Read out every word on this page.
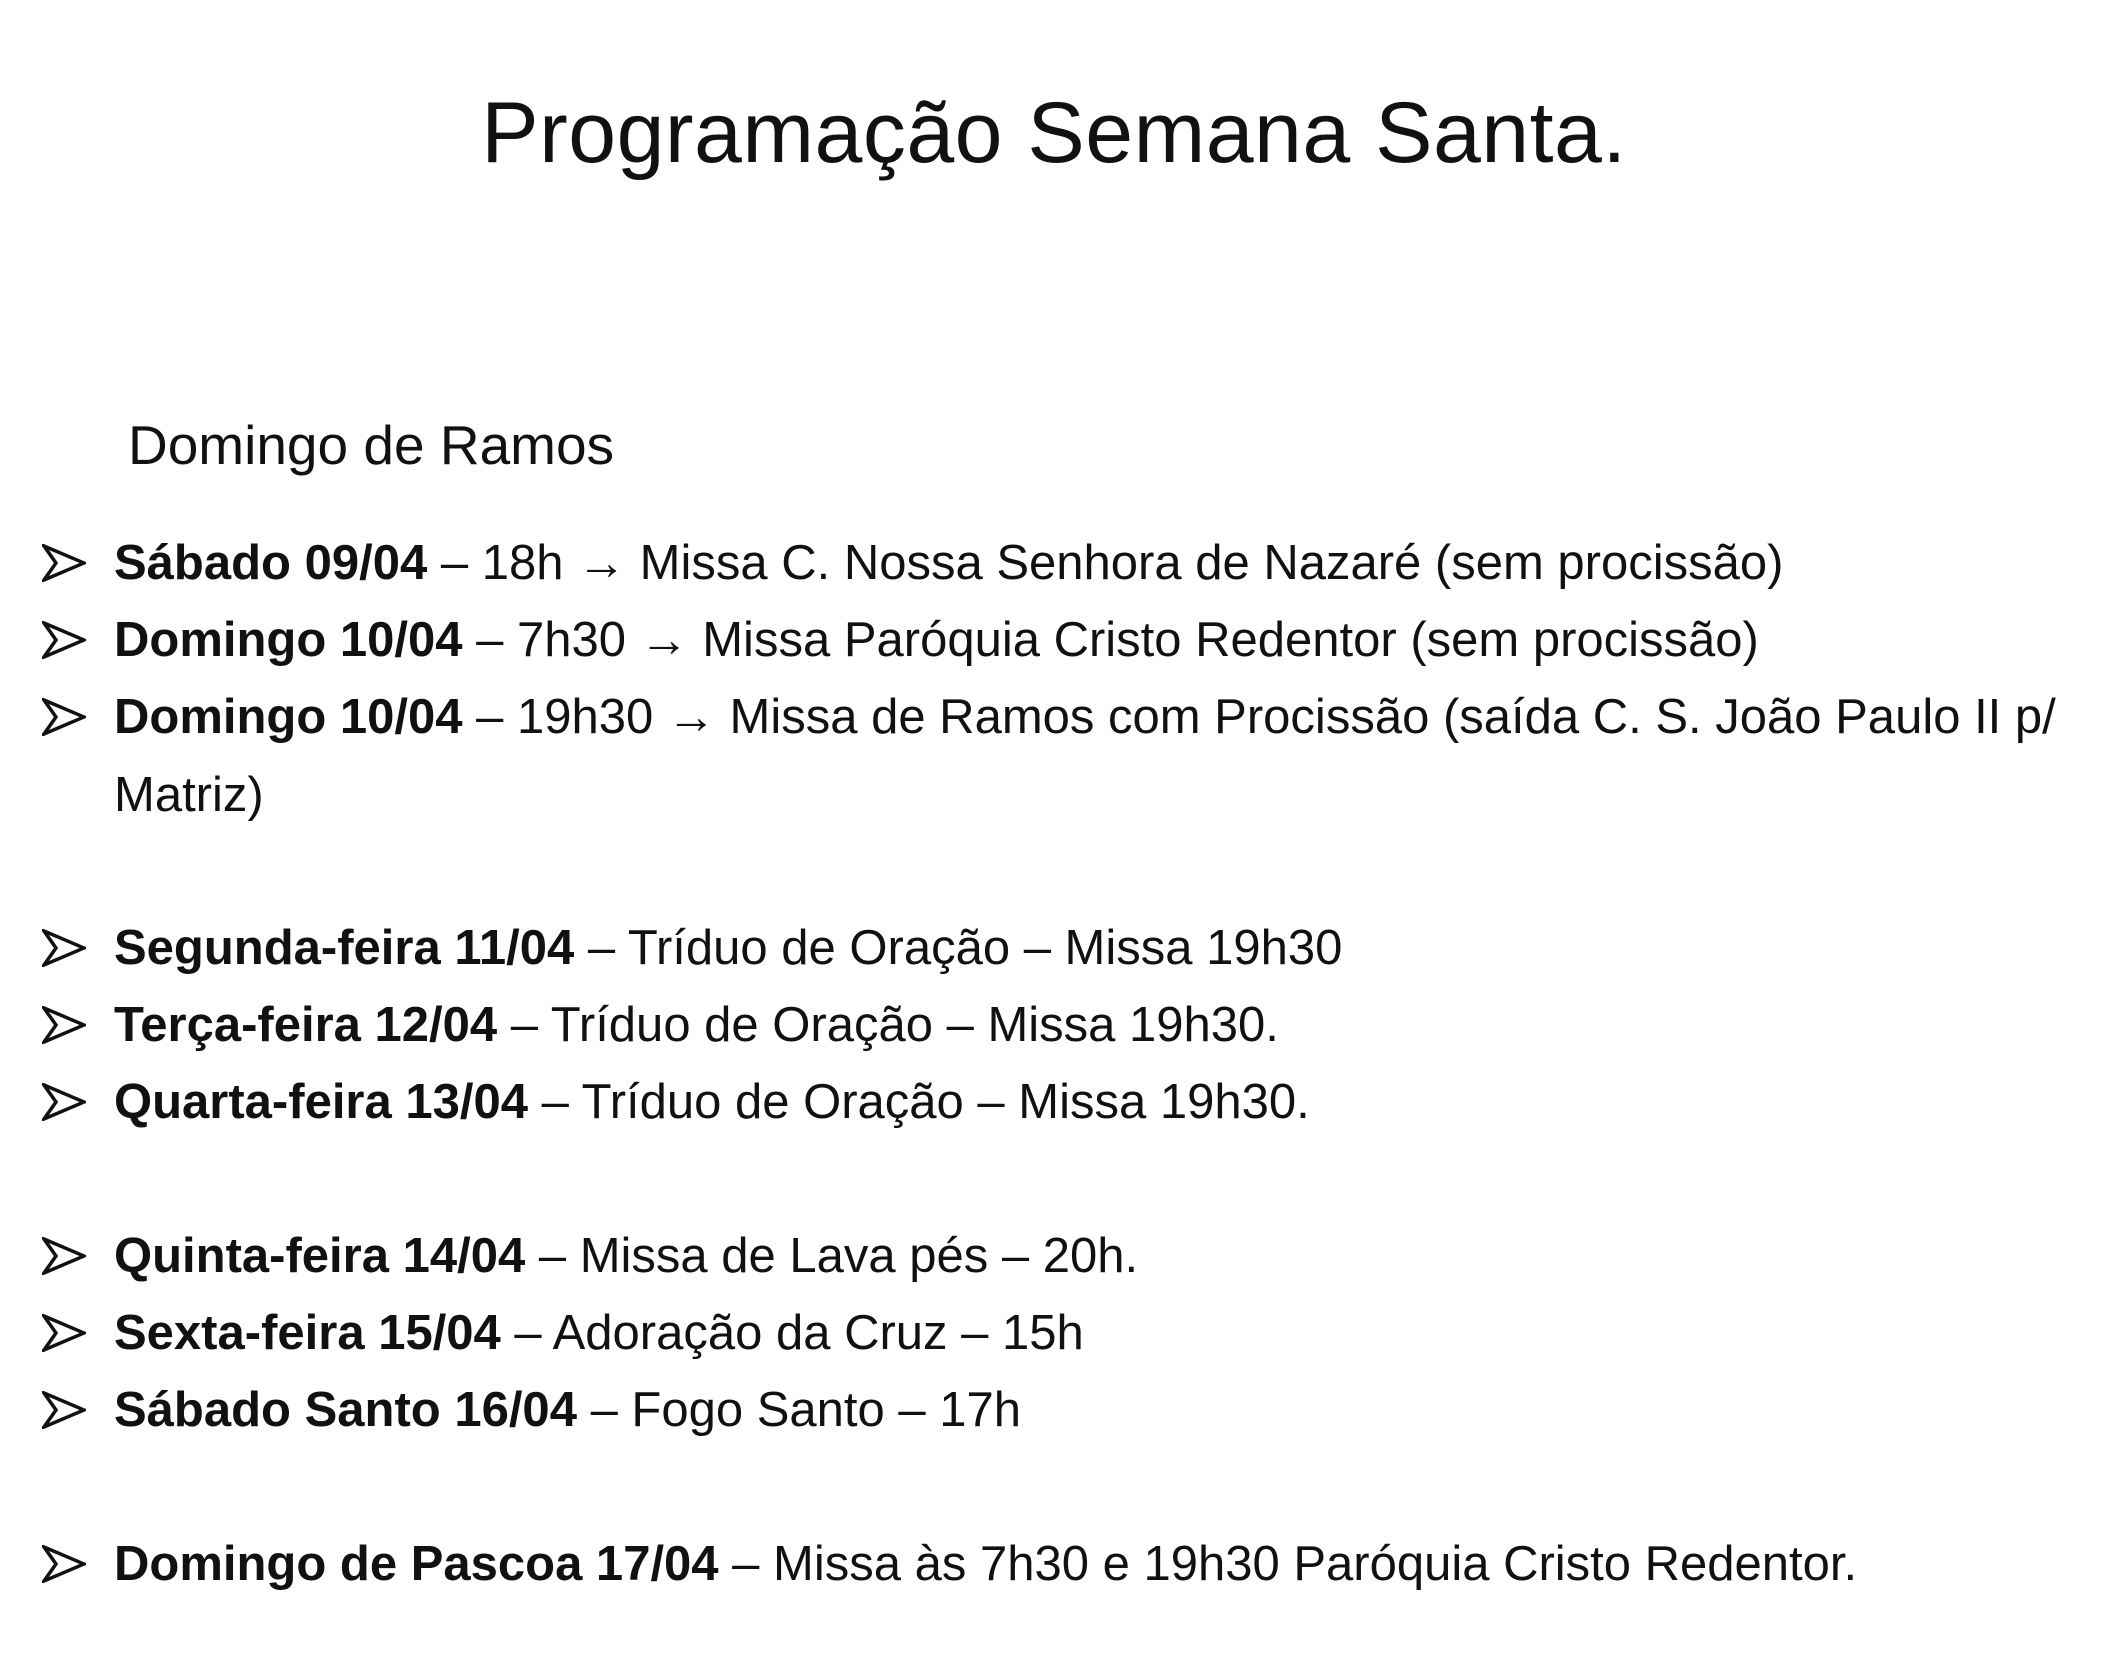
Programação Semana Santa.
Domingo de Ramos
Sábado 09/04 – 18h → Missa C. Nossa Senhora de Nazaré (sem procissão)
Domingo 10/04 – 7h30 → Missa Paróquia Cristo Redentor (sem procissão)
Domingo 10/04 – 19h30 → Missa de Ramos com Procissão (saída C. S. João Paulo II p/ Matriz)
Segunda-feira 11/04 – Tríduo de Oração – Missa 19h30
Terça-feira 12/04 – Tríduo de Oração – Missa 19h30.
Quarta-feira 13/04 – Tríduo de Oração – Missa 19h30.
Quinta-feira 14/04 – Missa de Lava pés – 20h.
Sexta-feira 15/04 – Adoração da Cruz – 15h
Sábado Santo 16/04 – Fogo Santo – 17h
Domingo de Pascoa 17/04 – Missa às 7h30 e 19h30 Paróquia Cristo Redentor.
